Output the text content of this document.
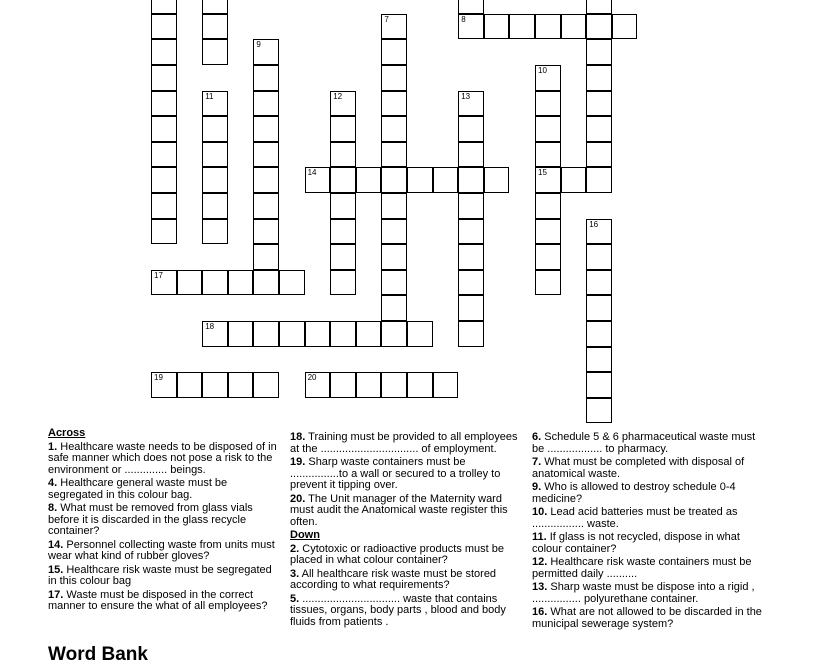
11
9
12
7	8
13
10
15
16
14
17
18
19	20
Across

1. Healthcare waste needs to be disposed of in safe manner which does not pose a risk to the environment or .............. beings.

4. Healthcare general waste must be segregated in this colour bag.

8. What must be removed from glass vials before it is discarded in the glass recycle container?

14. Personnel collecting waste from units must wear what kind of rubber gloves?

15. Healthcare risk waste must be segregated in this colour bag

17. Waste must be disposed in the correct manner to ensure the what of all employees?

18. Training must be provided to all employees at the ................................ of employment.

19. Sharp waste containers must be ................to a wall or secured to a trolley to prevent it tipping over.

20. The Unit manager of the Maternity ward must audit the Anatomical waste register this often.

Down

2. Cytotoxic or radioactive products must be placed in what colour container?

3. All healthcare risk waste must be stored according to what requirements?

5. ................................ waste that contains tissues, organs, body parts , blood and body fluids from patients .

6. Schedule 5 & 6 pharmaceutical waste must be .................. to pharmacy.

7. What must be completed with disposal of anatomical waste.

9. Who is allowed to destroy schedule 0-4 medicine?

10. Lead acid batteries must be treated as ................. waste.

11. If glass is not recycled, dispose in what colour container?

12. Healthcare risk waste containers must be permitted daily ..........

13. Sharp waste must be dispose into a rigid , ................ polyurethane container.

16. What are not allowed to be discarded in the municipal sewerage system?

Word Bank
